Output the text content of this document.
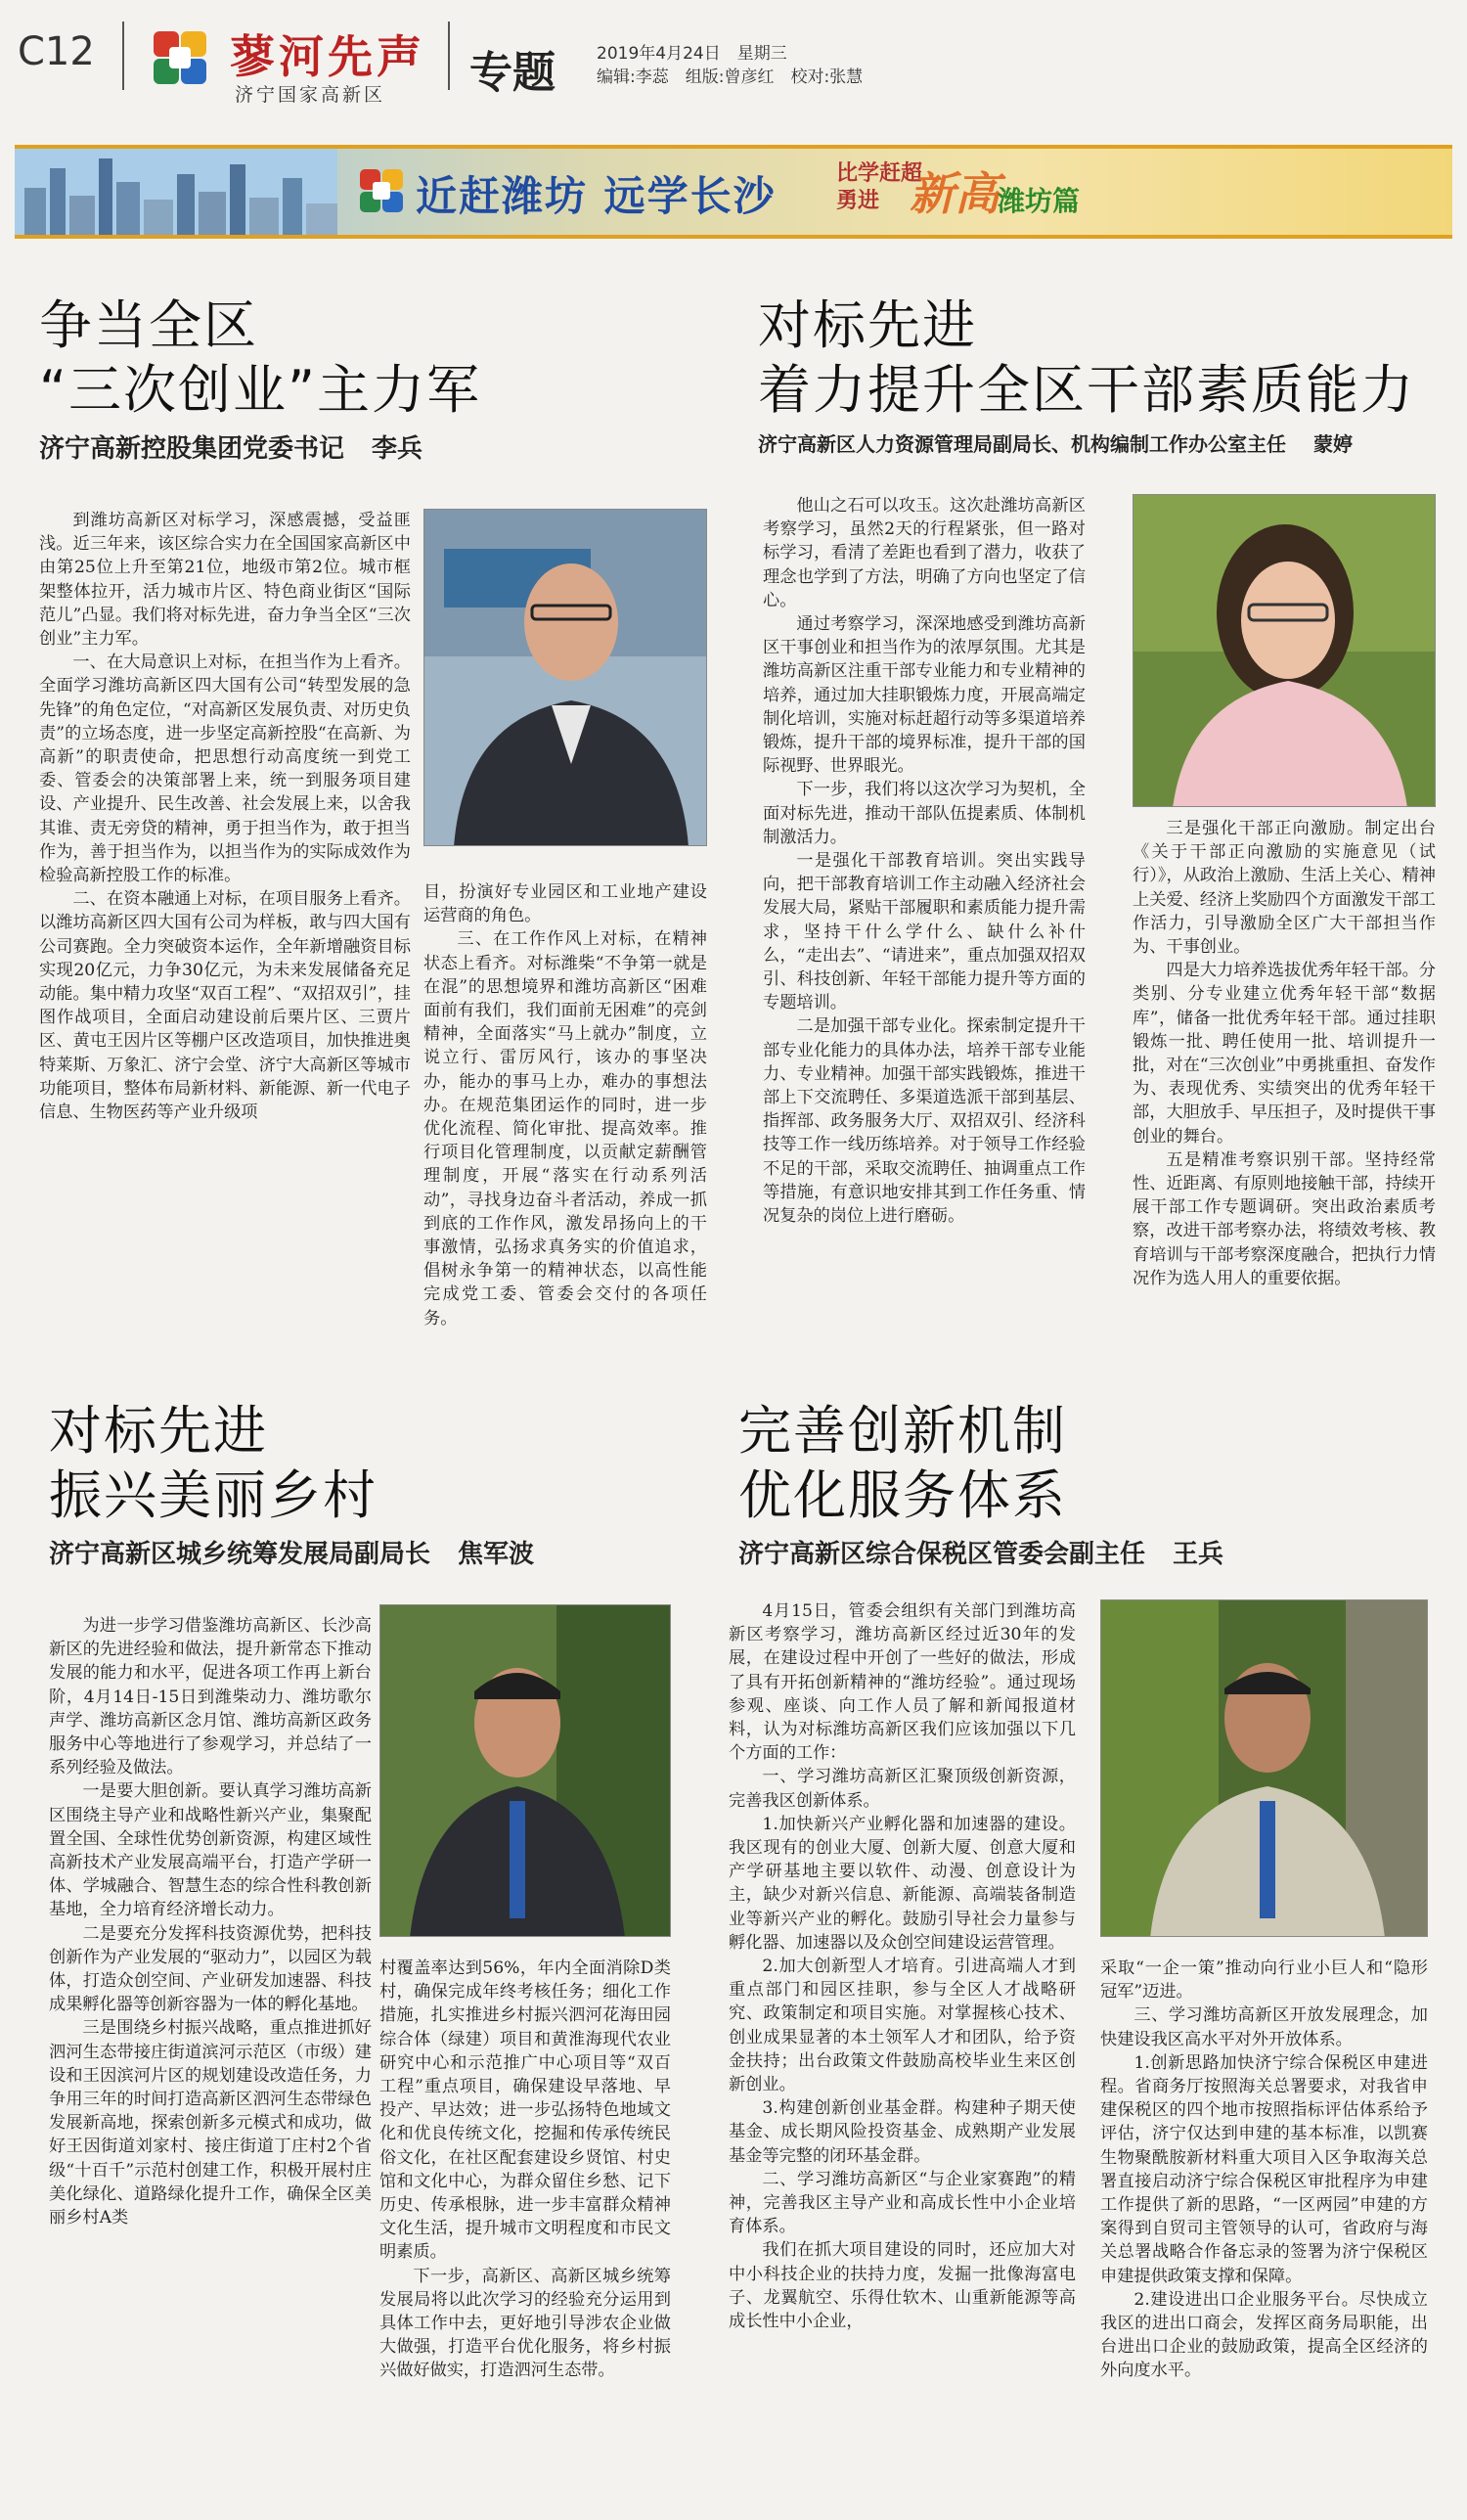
C12	蓼河先声
济宁国家高新区 专题 2019年4月24日　星期三
编辑:李蕊　组版:曾彦红　校对:张慧
近赶潍坊 远学长沙	比学赶超 勇进 新高
潍坊篇
争当全区
“三次创业”主力军
济宁高新控股集团党委书记 李兵

到潍坊高新区对标学习，深感震撼，受益匪浅。近三年来，该区综合实力在全国国家高新区中由第25位上升至第21位，地级市第2位。城市框架整体拉开，活力城市片区、特色商业街区“国际范儿”凸显。我们将对标先进，奋力争当全区“三次创业”主力军。

一、在大局意识上对标，在担当作为上看齐。全面学习潍坊高新区四大国有公司“转型发展的急先锋”的角色定位，“对高新区发展负责、对历史负责”的立场态度，进一步坚定高新控股“在高新、为高新”的职责使命，把思想行动高度统一到党工委、管委会的决策部署上来，统一到服务项目建设、产业提升、民生改善、社会发展上来，以舍我其谁、责无旁贷的精神，勇于担当作为，敢于担当作为，善于担当作为，以担当作为的实际成效作为检验高新控股工作的标准。

二、在资本融通上对标，在项目服务上看齐。以潍坊高新区四大国有公司为样板，敢与四大国有公司赛跑。全力突破资本运作，全年新增融资目标实现20亿元，力争30亿元，为未来发展储备充足动能。集中精力攻坚“双百工程”、“双招双引”，挂图作战项目，全面启动建设前后栗片区、三贾片区、黄屯王因片区等棚户区改造项目，加快推进奥特莱斯、万象汇、济宁会堂、济宁大高新区等城市功能项目，整体布局新材料、新能源、新一代电子信息、生物医药等产业升级项

目，扮演好专业园区和工业地产建设运营商的角色。

三、在工作作风上对标，在精神状态上看齐。对标潍柴“不争第一就是在混”的思想境界和潍坊高新区“困难面前有我们，我们面前无困难”的亮剑精神，全面落实“马上就办”制度，立说立行、雷厉风行，该办的事坚决办，能办的事马上办，难办的事想法办。在规范集团运作的同时，进一步优化流程、简化审批、提高效率。推行项目化管理制度，以贡献定薪酬管理制度，开展“落实在行动系列活动”，寻找身边奋斗者活动，养成一抓到底的工作作风，激发昂扬向上的干事激情，弘扬求真务实的价值追求，倡树永争第一的精神状态，以高性能完成党工委、管委会交付的各项任务。

对标先进
着力提升全区干部素质能力
济宁高新区人力资源管理局副局长、机构编制工作办公室主任 蒙婷

他山之石可以攻玉。这次赴潍坊高新区考察学习，虽然2天的行程紧张，但一路对标学习，看清了差距也看到了潜力，收获了理念也学到了方法，明确了方向也坚定了信心。

通过考察学习，深深地感受到潍坊高新区干事创业和担当作为的浓厚氛围。尤其是潍坊高新区注重干部专业能力和专业精神的培养，通过加大挂职锻炼力度，开展高端定制化培训，实施对标赶超行动等多渠道培养锻炼，提升干部的境界标准，提升干部的国际视野、世界眼光。

下一步，我们将以这次学习为契机，全面对标先进，推动干部队伍提素质、体制机制激活力。

一是强化干部教育培训。突出实践导向，把干部教育培训工作主动融入经济社会发展大局，紧贴干部履职和素质能力提升需求，坚持干什么学什么、缺什么补什么，“走出去”、“请进来”，重点加强双招双引、科技创新、年轻干部能力提升等方面的专题培训。

二是加强干部专业化。探索制定提升干部专业化能力的具体办法，培养干部专业能力、专业精神。加强干部实践锻炼，推进干部上下交流聘任、多渠道选派干部到基层、指挥部、政务服务大厅、双招双引、经济科技等工作一线历练培养。对于领导工作经验不足的干部，采取交流聘任、抽调重点工作等措施，有意识地安排其到工作任务重、情况复杂的岗位上进行磨砺。

三是强化干部正向激励。制定出台《关于干部正向激励的实施意见（试行）》，从政治上激励、生活上关心、精神上关爱、经济上奖励四个方面激发干部工作活力，引导激励全区广大干部担当作为、干事创业。

四是大力培养选拔优秀年轻干部。分类别、分专业建立优秀年轻干部“数据库”，储备一批优秀年轻干部。通过挂职锻炼一批、聘任使用一批、培训提升一批，对在“三次创业”中勇挑重担、奋发作为、表现优秀、实绩突出的优秀年轻干部，大胆放手、早压担子，及时提供干事创业的舞台。

五是精准考察识别干部。坚持经常性、近距离、有原则地接触干部，持续开展干部工作专题调研。突出政治素质考察，改进干部考察办法，将绩效考核、教育培训与干部考察深度融合，把执行力情况作为选人用人的重要依据。

对标先进
振兴美丽乡村
济宁高新区城乡统筹发展局副局长 焦军波

为进一步学习借鉴潍坊高新区、长沙高新区的先进经验和做法，提升新常态下推动发展的能力和水平，促进各项工作再上新台阶，4月14日-15日到潍柴动力、潍坊歌尔声学、潍坊高新区念月馆、潍坊高新区政务服务中心等地进行了参观学习，并总结了一系列经验及做法。

一是要大胆创新。要认真学习潍坊高新区围绕主导产业和战略性新兴产业，集聚配置全国、全球性优势创新资源，构建区域性高新技术产业发展高端平台，打造产学研一体、学城融合、智慧生态的综合性科教创新基地，全力培育经济增长动力。

二是要充分发挥科技资源优势，把科技创新作为产业发展的“驱动力”，以园区为载体，打造众创空间、产业研发加速器、科技成果孵化器等创新容器为一体的孵化基地。

三是围绕乡村振兴战略，重点推进抓好泗河生态带接庄街道滨河示范区（市级）建设和王因滨河片区的规划建设改造任务，力争用三年的时间打造高新区泗河生态带绿色发展新高地，探索创新多元模式和成功，做好王因街道刘家村、接庄街道丁庄村2个省级“十百千”示范村创建工作，积极开展村庄美化绿化、道路绿化提升工作，确保全区美丽乡村A类

村覆盖率达到56%，年内全面消除D类村，确保完成年终考核任务；细化工作措施，扎实推进乡村振兴泗河花海田园综合体（绿建）项目和黄淮海现代农业研究中心和示范推广中心项目等“双百工程”重点项目，确保建设早落地、早投产、早达效；进一步弘扬特色地域文化和优良传统文化，挖掘和传承传统民俗文化，在社区配套建设乡贤馆、村史馆和文化中心，为群众留住乡愁、记下历史、传承根脉，进一步丰富群众精神文化生活，提升城市文明程度和市民文明素质。

下一步，高新区、高新区城乡统筹发展局将以此次学习的经验充分运用到具体工作中去，更好地引导涉农企业做大做强，打造平台优化服务，将乡村振兴做好做实，打造泗河生态带。

完善创新机制
优化服务体系
济宁高新区综合保税区管委会副主任 王兵

4月15日，管委会组织有关部门到潍坊高新区考察学习，潍坊高新区经过近30年的发展，在建设过程中开创了一些好的做法，形成了具有开拓创新精神的“潍坊经验”。通过现场参观、座谈、向工作人员了解和新闻报道材料，认为对标潍坊高新区我们应该加强以下几个方面的工作：

一、学习潍坊高新区汇聚顶级创新资源，完善我区创新体系。

1.加快新兴产业孵化器和加速器的建设。我区现有的创业大厦、创新大厦、创意大厦和产学研基地主要以软件、动漫、创意设计为主，缺少对新兴信息、新能源、高端装备制造业等新兴产业的孵化。鼓励引导社会力量参与孵化器、加速器以及众创空间建设运营管理。

2.加大创新型人才培育。引进高端人才到重点部门和园区挂职，参与全区人才战略研究、政策制定和项目实施。对掌握核心技术、创业成果显著的本土领军人才和团队，给予资金扶持；出台政策文件鼓励高校毕业生来区创新创业。

3.构建创新创业基金群。构建种子期天使基金、成长期风险投资基金、成熟期产业发展基金等完整的闭环基金群。

二、学习潍坊高新区“与企业家赛跑”的精神，完善我区主导产业和高成长性中小企业培育体系。

我们在抓大项目建设的同时，还应加大对中小科技企业的扶持力度，发掘一批像海富电子、龙翼航空、乐得仕软木、山重新能源等高成长性中小企业，

采取“一企一策”推动向行业小巨人和“隐形冠军”迈进。

三、学习潍坊高新区开放发展理念，加快建设我区高水平对外开放体系。

1.创新思路加快济宁综合保税区申建进程。省商务厅按照海关总署要求，对我省申建保税区的四个地市按照指标评估体系给予评估，济宁仅达到申建的基本标准，以凯赛生物聚酰胺新材料重大项目入区争取海关总署直接启动济宁综合保税区审批程序为申建工作提供了新的思路，“一区两园”申建的方案得到自贸司主管领导的认可，省政府与海关总署战略合作备忘录的签署为济宁保税区申建提供政策支撑和保障。

2.建设进出口企业服务平台。尽快成立我区的进出口商会，发挥区商务局职能，出台进出口企业的鼓励政策，提高全区经济的外向度水平。
